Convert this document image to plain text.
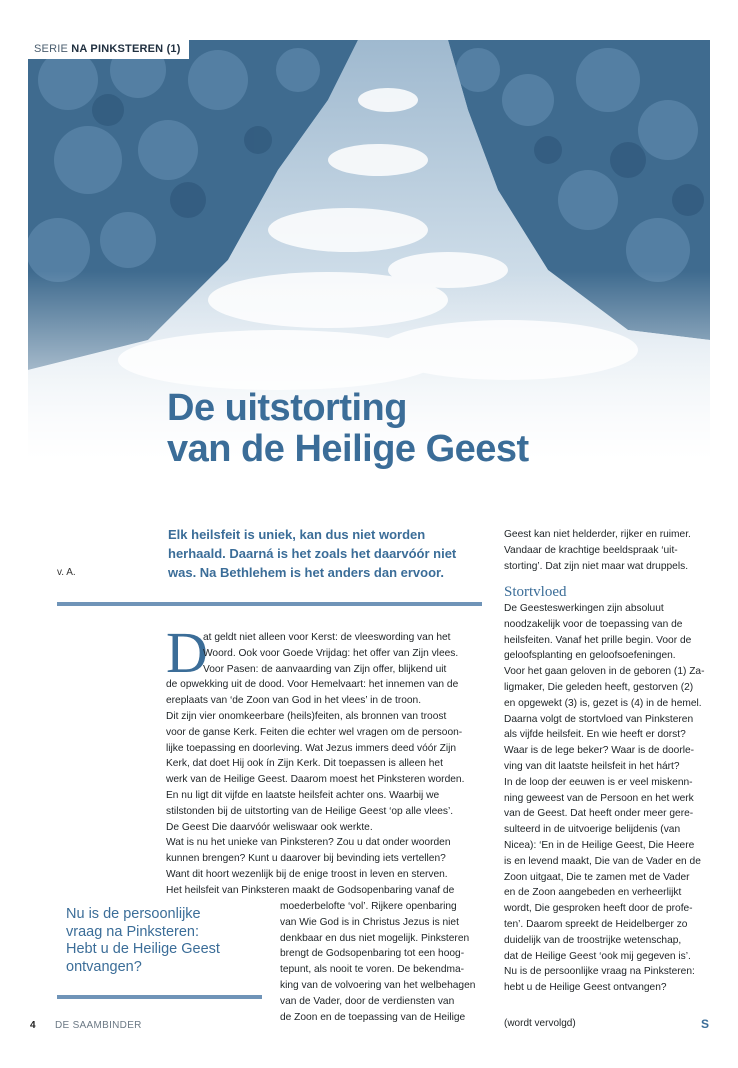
SERIE NA PINKSTEREN (1)
De uitstorting
van de Heilige Geest
v. A.

Elk heilsfeit is uniek, kan dus niet worden
herhaald. Daarná is het zoals het daarvóór niet
was. Na Bethlehem is het anders dan ervoor.

D
at geldt niet alleen voor Kerst: de vleeswording van het
Woord. Ook voor Goede Vrijdag: het offer van Zijn vlees.
Voor Pasen: de aanvaarding van Zijn offer, blijkend uit
de opwekking uit de dood. Voor Hemelvaart: het innemen van de
ereplaats van ‘de Zoon van God in het vlees’ in de troon.
Dit zijn vier onomkeerbare (heils)feiten, als bronnen van troost
voor de ganse Kerk. Feiten die echter wel vragen om de persoon-
lijke toepassing en doorleving. Wat Jezus immers deed vóór Zijn
Kerk, dat doet Hij ook ín Zijn Kerk. Dit toepassen is alleen het
werk van de Heilige Geest. Daarom moest het Pinksteren worden.
En nu ligt dit vijfde en laatste heilsfeit achter ons. Waarbij we
stilstonden bij de uitstorting van de Heilige Geest ‘op alle vlees’.
De Geest Die daarvóór weliswaar ook werkte.
Wat is nu het unieke van Pinksteren? Zou u dat onder woorden
kunnen brengen? Kunt u daarover bij bevinding iets vertellen?
Want dit hoort wezenlijk bij de enige troost in leven en sterven.
Het heilsfeit van Pinksteren maakt de Godsopenbaring vanaf de
moederbelofte ‘vol’. Rijkere openbaring
van Wie God is in Christus Jezus is niet
denkbaar en dus niet mogelijk. Pinksteren
brengt de Godsopenbaring tot een hoog-
tepunt, als nooit te voren. De bekendma-
king van de volvoering van het welbehagen
van de Vader, door de verdiensten van
de Zoon en de toepassing van de Heilige

Nu is de persoonlijke
vraag na Pinksteren:
Hebt u de Heilige Geest
ontvangen?

Geest kan niet helderder, rijker en ruimer.
Vandaar de krachtige beeldspraak ‘uit-
storting’. Dat zijn niet maar wat druppels.
Stortvloed
De Geesteswerkingen zijn absoluut
noodzakelijk voor de toepassing van de
heilsfeiten. Vanaf het prille begin. Voor de
geloofsplanting en geloofsoefeningen.
Voor het gaan geloven in de geboren (1) Za-
ligmaker, Die geleden heeft, gestorven (2)
en opgewekt (3) is, gezet is (4) in de hemel.
Daarna volgt de stortvloed van Pinksteren
als vijfde heilsfeit. En wie heeft er dorst?
Waar is de lege beker? Waar is de doorle-
ving van dit laatste heilsfeit in het hárt?
In de loop der eeuwen is er veel miskenn-
ning geweest van de Persoon en het werk
van de Geest. Dat heeft onder meer gere-
sulteerd in de uitvoerige belijdenis (van
Nicea): ‘En in de Heilige Geest, Die Heere
is en levend maakt, Die van de Vader en de
Zoon uitgaat, Die te zamen met de Vader
en de Zoon aangebeden en verheerlijkt
wordt, Die gesproken heeft door de profe-
ten’. Daarom spreekt de Heidelberger zo
duidelijk van de troostrijke wetenschap,
dat de Heilige Geest ‘ook mij gegeven is’.
Nu is de persoonlijke vraag na Pinksteren:
hebt u de Heilige Geest ontvangen?
(wordt vervolgd)	S
4 DE SAAMBINDER
